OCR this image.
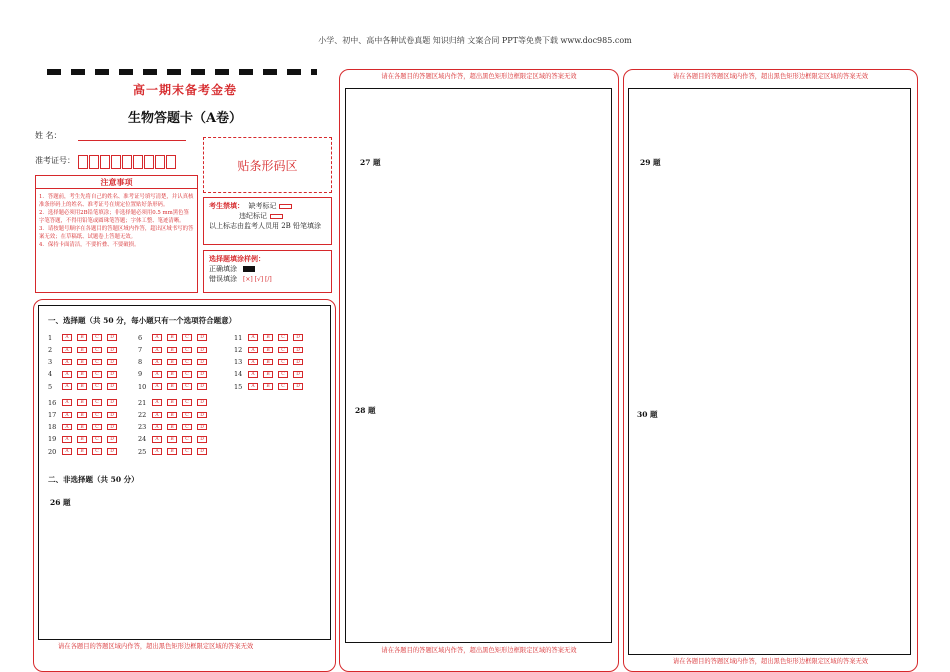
小学、初中、高中各种试卷真题 知识归纳 文案合同 PPT等免费下载 www.doc985.com
高一期末备考金卷
生物答题卡（A卷）
姓 名：
准考证号：	贴条形码区
注意事项
1．答题前，考生先将自己的姓名、准考证号填写清楚，并认真核准条形码上的姓名、准考证号在规定位置贴好条形码。
2．选择题必须用2B铅笔填涂；非选择题必须用0.5 mm黑色签字笔答题，不得用铅笔或圆珠笔答题；字体工整、笔迹清晰。
3．请按题号顺序在各题目的答题区域内作答，超出区域书写的答案无效；在草稿纸、试题卷上答题无效。
4．保持卡面清洁，不要折叠、不要破损。
考生禁填： 缺考标记
违纪标记
以上标志由监考人员用 2B 铅笔填涂
选择题填涂样例：
正确填涂
错误填涂 [×] [√] [/]
一、选择题（共 50 分，每小题只有一个选项符合题意）
1	A	B	C	D
2	A	B	C	D
3	A	B	C	D
4	A	B	C	D
5	A	B	C	D
6	A	B	C	D
7	A	B	C	D
8	A	B	C	D
9	A	B	C	D
10	A	B	C	D
11	A	B	C	D
12	A	B	C	D
13	A	B	C	D
14	A	B	C	D
15	A	B	C	D
16	A	B	C	D
17	A	B	C	D
18	A	B	C	D
19	A	B	C	D
20	A	B	C	D
21	A	B	C	D
22	A	B	C	D
23	A	B	C	D
24	A	B	C	D
25	A	B	C	D
二、非选择题（共 50 分）
26 题
请在各题目的答题区域内作答，超出黑色矩形边框限定区域的答案无效
请在各题目的答题区域内作答，超出黑色矩形边框限定区域的答案无效
27 题
28 题
请在各题目的答题区域内作答，超出黑色矩形边框限定区域的答案无效
请在各题目的答题区域内作答，超出黑色矩形边框限定区域的答案无效
29 题
30 题
请在各题目的答题区域内作答，超出黑色矩形边框限定区域的答案无效
